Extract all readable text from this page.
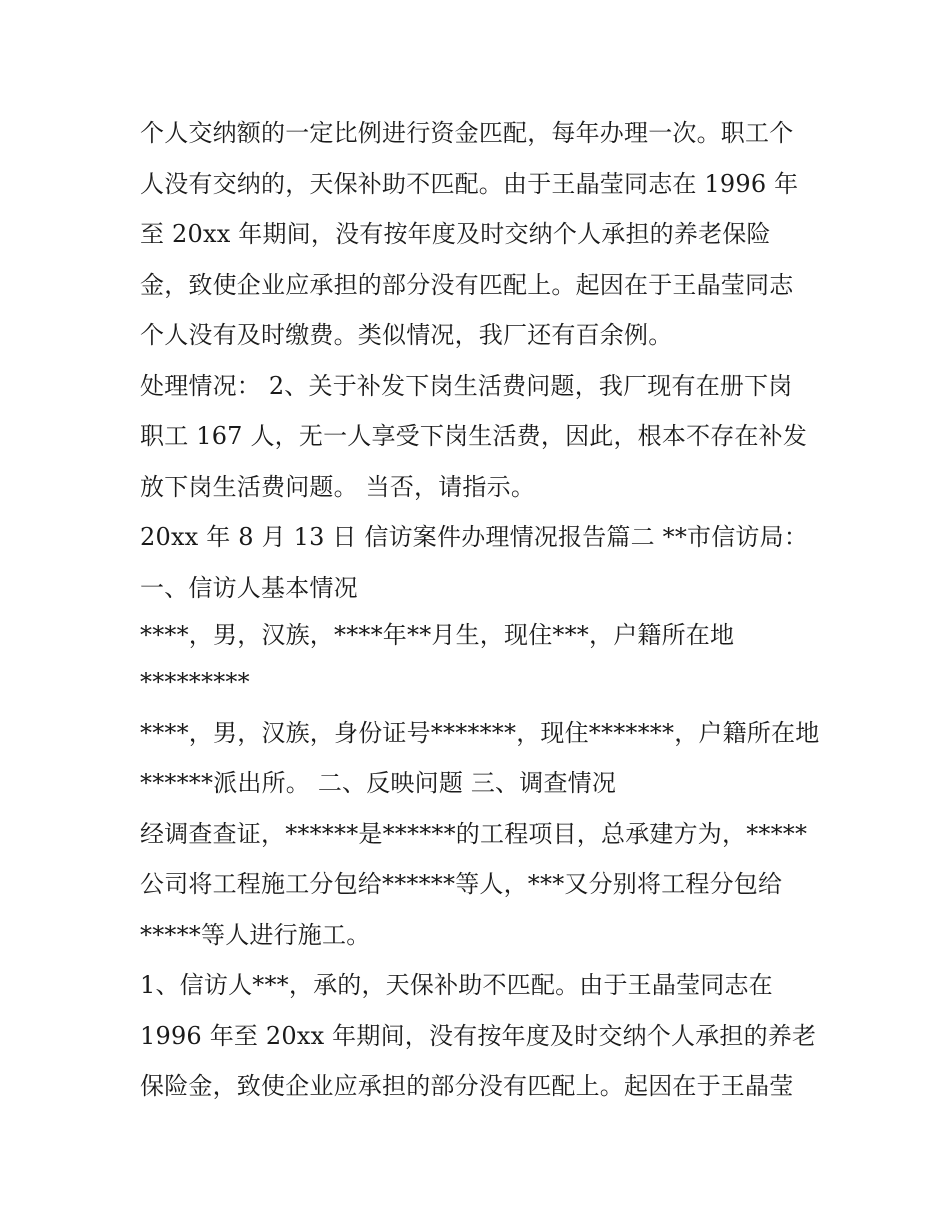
个人交纳额的一定比例进行资金匹配，每年办理一次。职工个
人没有交纳的，天保补助不匹配。由于王晶莹同志在 1996 年
至 20xx 年期间，没有按年度及时交纳个人承担的养老保险
金，致使企业应承担的部分没有匹配上。起因在于王晶莹同志
个人没有及时缴费。类似情况，我厂还有百余例。
处理情况： 2、关于补发下岗生活费问题，我厂现有在册下岗
职工 167 人，无一人享受下岗生活费，因此，根本不存在补发
放下岗生活费问题。 当否，请指示。
20xx 年 8 月 13 日 信访案件办理情况报告篇二 **市信访局：
一、信访人基本情况
****，男，汉族，****年**月生，现住***，户籍所在地
*********
****，男，汉族，身份证号*******，现住*******，户籍所在地
******派出所。 二、反映问题 三、调查情况
经调查查证，******是******的工程项目，总承建方为，*****
公司将工程施工分包给******等人，***又分别将工程分包给
*****等人进行施工。
1、信访人***，承的，天保补助不匹配。由于王晶莹同志在
1996 年至 20xx 年期间，没有按年度及时交纳个人承担的养老
保险金，致使企业应承担的部分没有匹配上。起因在于王晶莹
